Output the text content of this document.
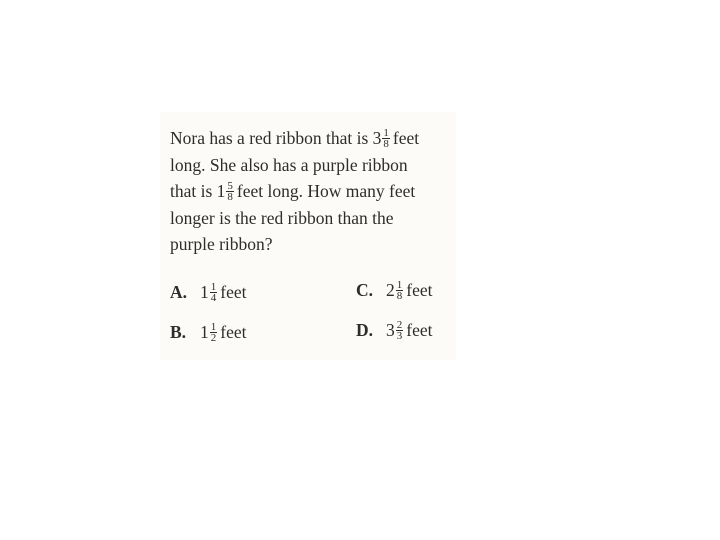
Nora has a red ribbon that is $3 \frac{1}{8}$ feet
long. She also has a purple ribbon
that is $1 \frac{5}{8}$ feet long. How many feet
longer is the red ribbon than the
purple ribbon?
A. $1 \frac{1}{4}$ feet
B. $1 \frac{1}{2}$ feet
C. $2 \frac{1}{8}$ feet
D. $3 \frac{2}{3}$ feet
